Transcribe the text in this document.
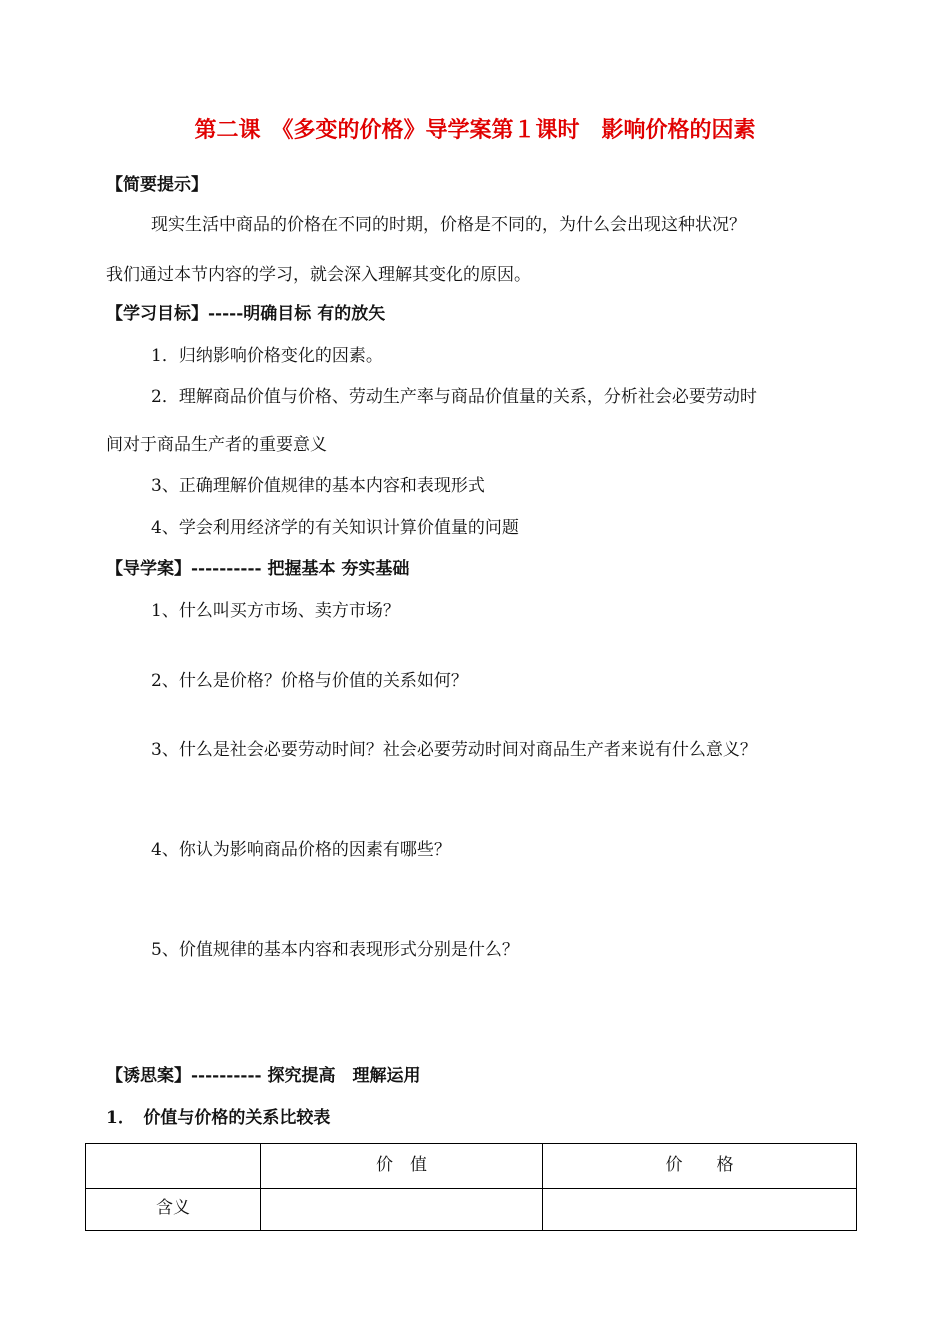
第二课　《多变的价格》导学案第１课时　影响价格的因素
【简要提示】
现实生活中商品的价格在不同的时期，价格是不同的，为什么会出现这种状况？
我们通过本节内容的学习，就会深入理解其变化的原因。
【学习目标】-----明确目标 有的放矢
1．归纳影响价格变化的因素。
2．理解商品价值与价格、劳动生产率与商品价值量的关系，分析社会必要劳动时
间对于商品生产者的重要意义
3、正确理解价值规律的基本内容和表现形式
4、学会利用经济学的有关知识计算价值量的问题
【导学案】---------- 把握基本 夯实基础
1、什么叫买方市场、卖方市场？
2、什么是价格？价格与价值的关系如何？
3、什么是社会必要劳动时间？社会必要劳动时间对商品生产者来说有什么意义？
4、你认为影响商品价格的因素有哪些？
5、价值规律的基本内容和表现形式分别是什么？
【诱思案】---------- 探究提高　理解运用
1．　价值与价格的关系比较表

	价　值	价　　格

含义		
